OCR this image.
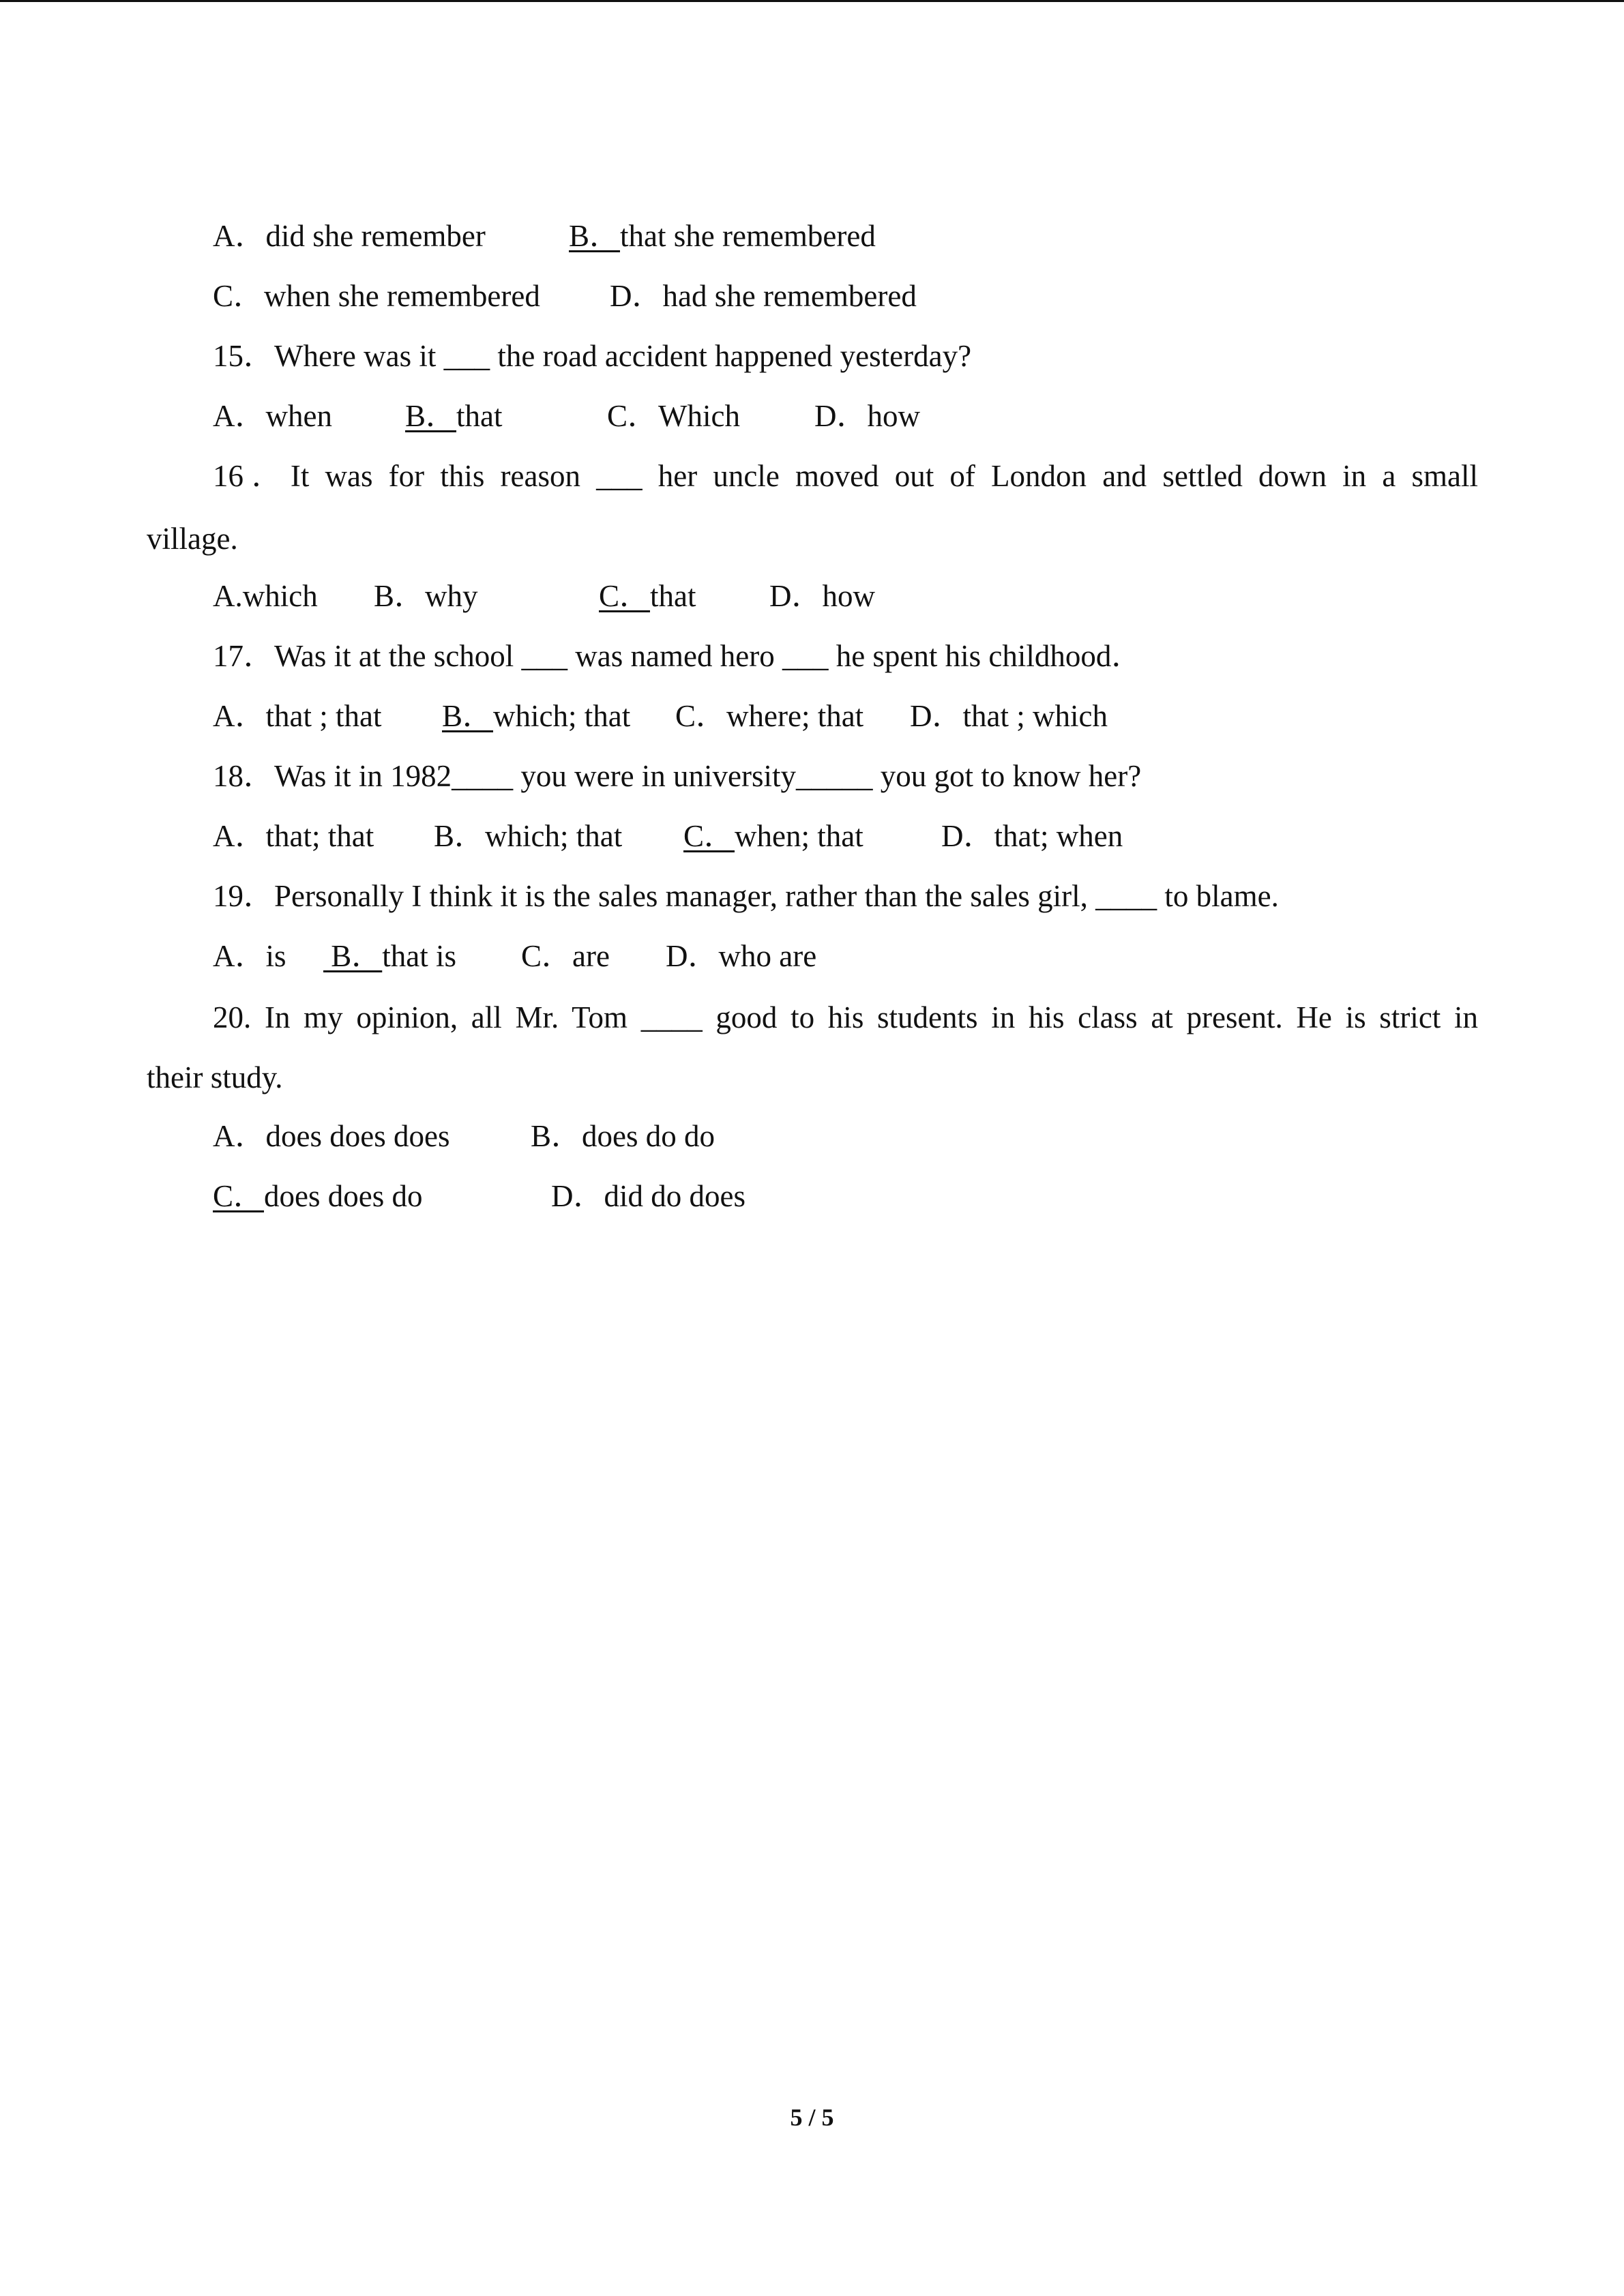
A．did she remember	B．that she remembered
C．when she remembered D．had she remembered
15．Where was it ___ the road accident happened yesterday?
A．when B．that	C．Which D．how
16．It was for this reason ___ her uncle moved out of London and settled down in a small
village.
A.which B．why	C．that D．how
17．Was it at the school ___ was named hero ___ he spent his childhood．
A．that ; that B．which; that C．where; that D．that ; which
18．Was it in 1982____ you were in university_____ you got to know her?
A．that; that B．which; that C．when; that	D．that; when
19．Personally I think it is the sales manager, rather than the sales girl, ____ to blame.
A．is B．that is C．are D．who are
20. In my opinion, all Mr. Tom ____ good to his students in his class at present. He is strict in
their study.
A．does does does	B．does do do
C．does does do	D．did do does
5 / 5
